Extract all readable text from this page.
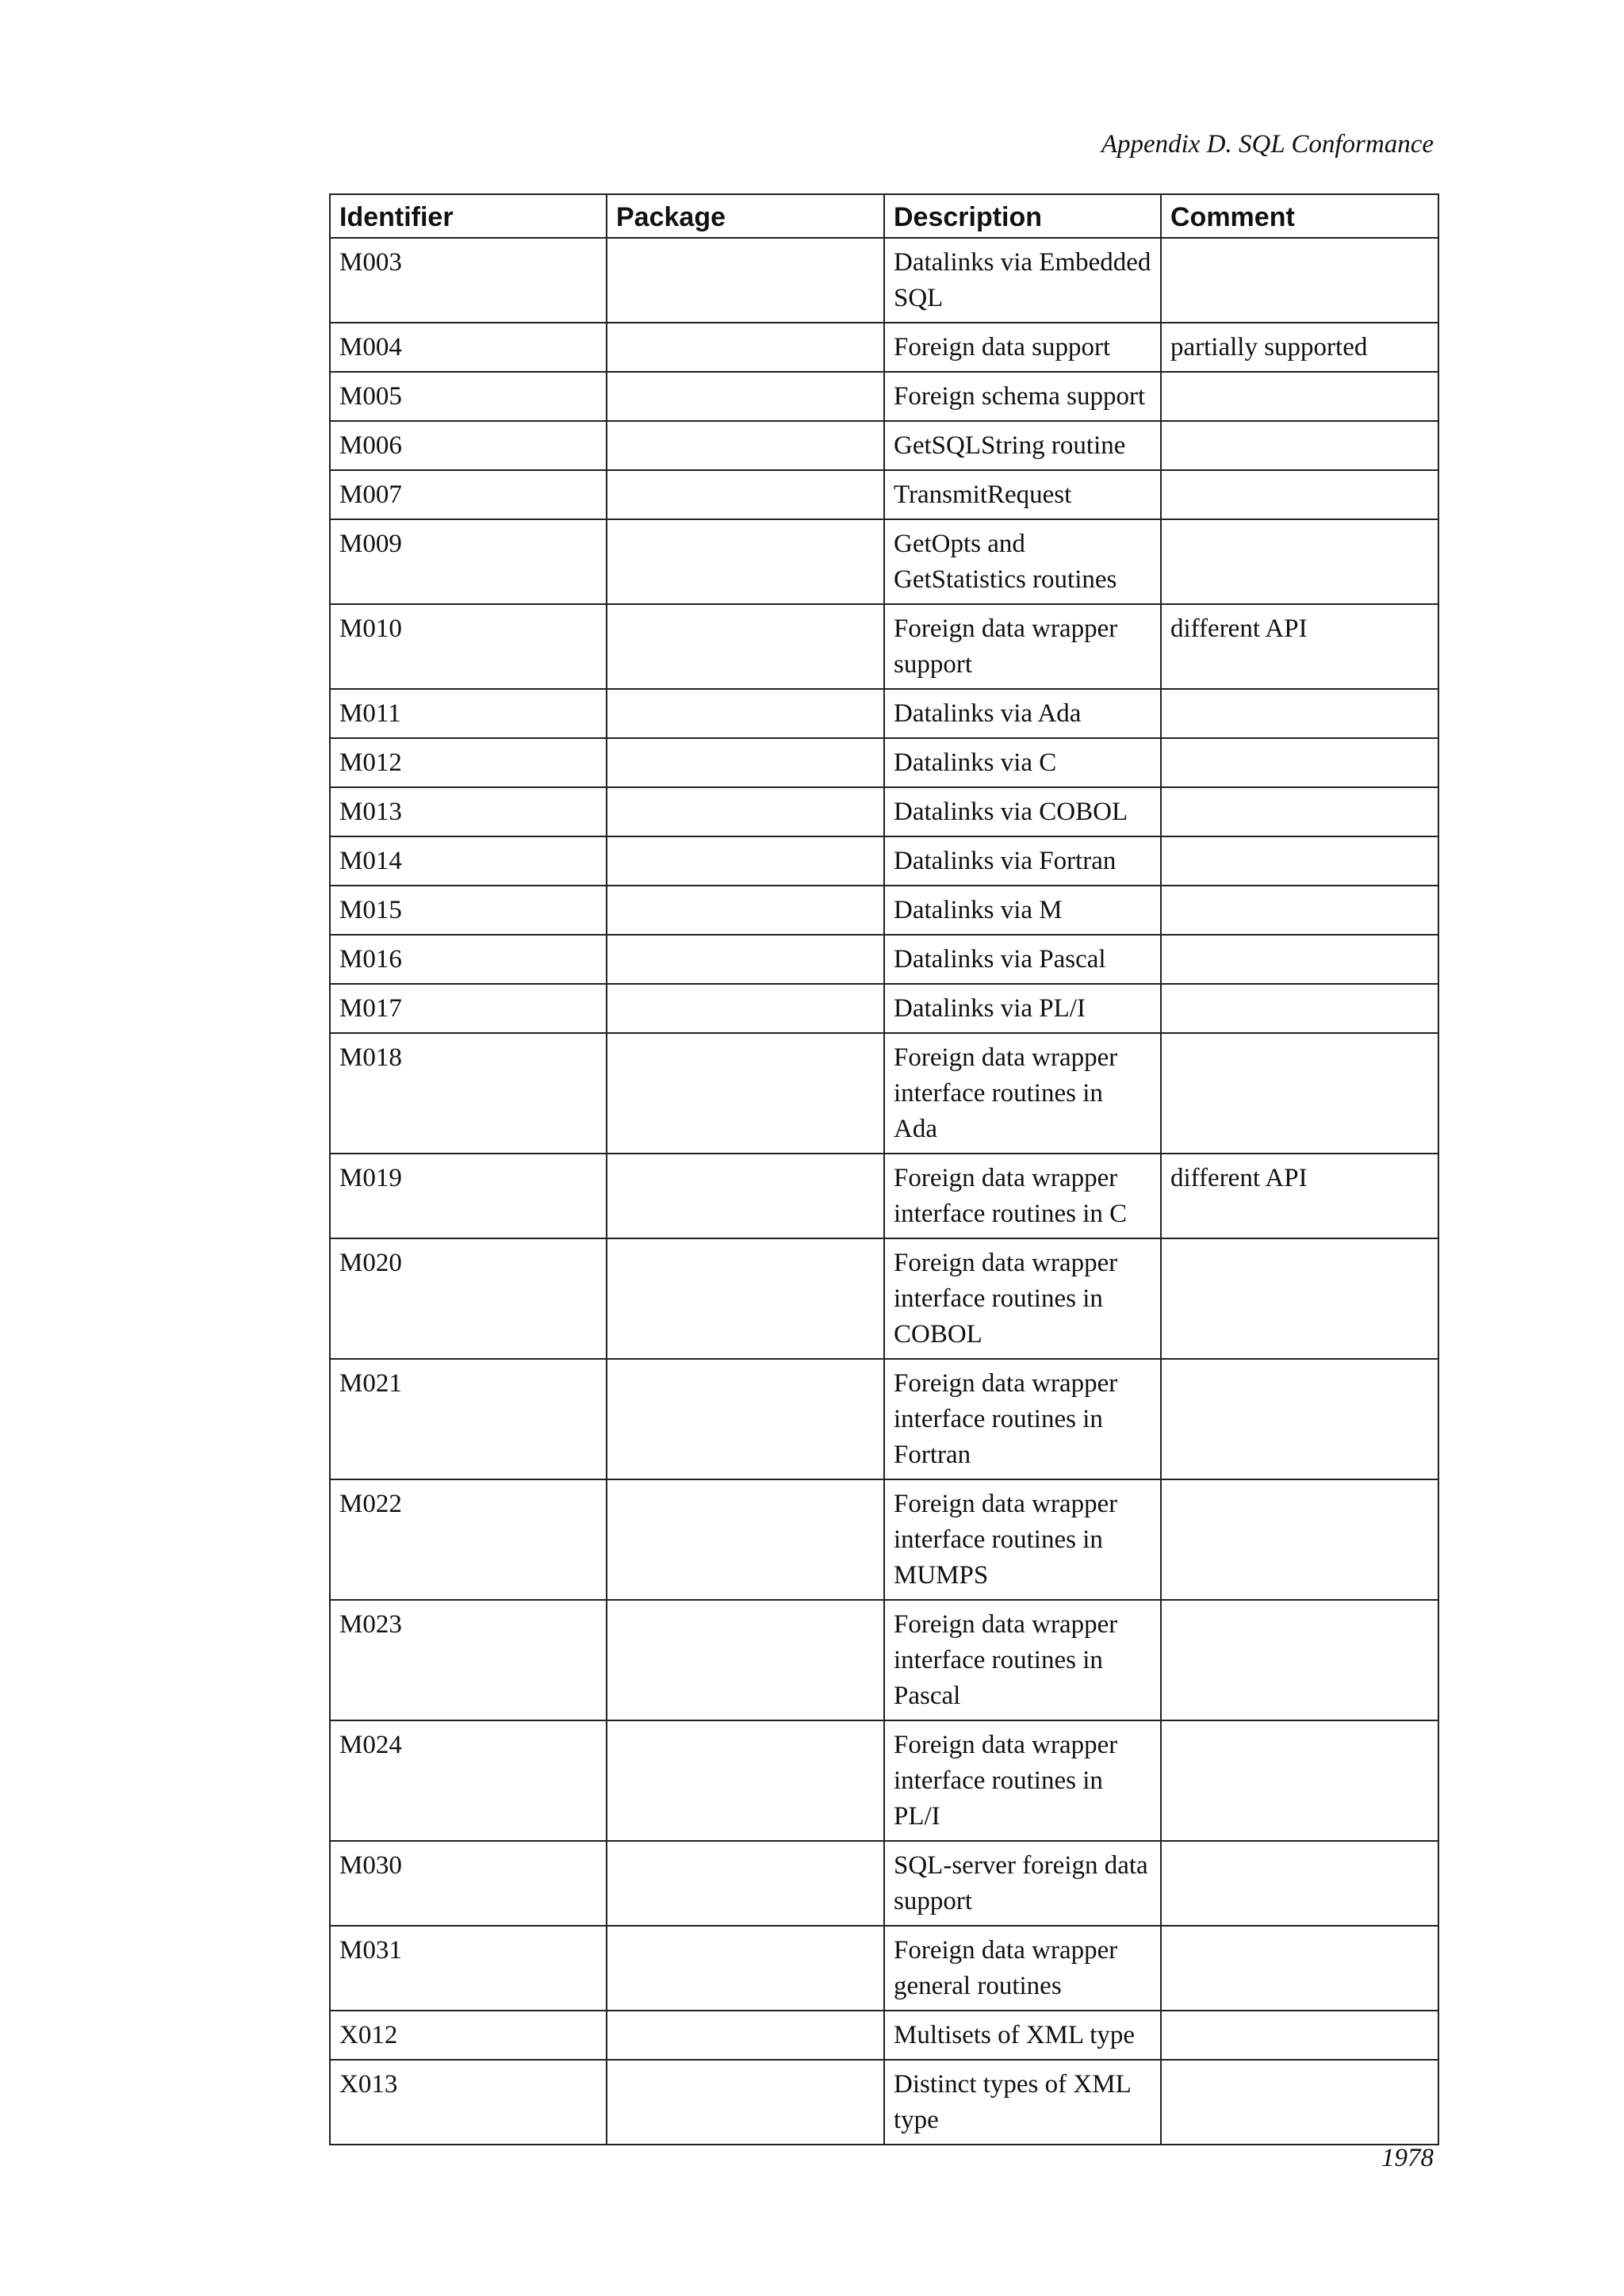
Appendix D. SQL Conformance
Identifier	Package	Description	Comment
M003		Datalinks via Embedded SQL	
M004		Foreign data support	partially supported
M005		Foreign schema support	
M006		GetSQLString routine	
M007		TransmitRequest	
M009		GetOpts and GetStatistics routines	
M010		Foreign data wrapper support	different API
M011		Datalinks via Ada	
M012		Datalinks via C	
M013		Datalinks via COBOL	
M014		Datalinks via Fortran	
M015		Datalinks via M	
M016		Datalinks via Pascal	
M017		Datalinks via PL/I	
M018		Foreign data wrapper interface routines in Ada	
M019		Foreign data wrapper interface routines in C	different API
M020		Foreign data wrapper interface routines in COBOL	
M021		Foreign data wrapper interface routines in Fortran	
M022		Foreign data wrapper interface routines in MUMPS	
M023		Foreign data wrapper interface routines in Pascal	
M024		Foreign data wrapper interface routines in PL/I	
M030		SQL-server foreign data support	
M031		Foreign data wrapper general routines	
X012		Multisets of XML type	
X013		Distinct types of XML type	
1978
